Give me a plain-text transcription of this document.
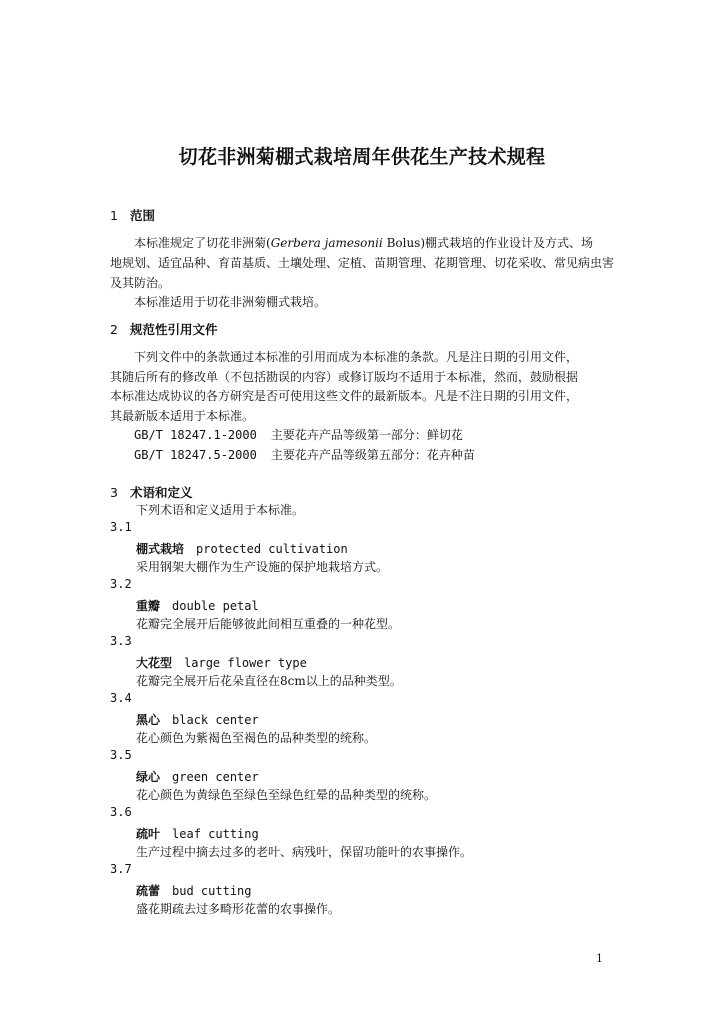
切花非洲菊棚式栽培周年供花生产技术规程
1 范围
本标准规定了切花非洲菊(Gerbera jamesonii Bolus)棚式栽培的作业设计及方式、场
地规划、适宜品种、育苗基质、土壤处理、定植、苗期管理、花期管理、切花采收、常见病虫害
及其防治。
本标准适用于切花非洲菊棚式栽培。
2 规范性引用文件
下列文件中的条款通过本标准的引用而成为本标准的条款。凡是注日期的引用文件，
其随后所有的修改单（不包括勘误的内容）或修订版均不适用于本标准，然而，鼓励根据
本标准达成协议的各方研究是否可使用这些文件的最新版本。凡是不注日期的引用文件，
其最新版本适用于本标准。
GB/T 18247.1-2000 主要花卉产品等级第一部分：鲜切花
GB/T 18247.5-2000 主要花卉产品等级第五部分：花卉种苗
3 术语和定义
下列术语和定义适用于本标准。
3.1
棚式栽培 protected cultivation
采用钢架大棚作为生产设施的保护地栽培方式。
3.2
重瓣 double petal
花瓣完全展开后能够彼此间相互重叠的一种花型。
3.3
大花型 large flower type
花瓣完全展开后花朵直径在8cm以上的品种类型。
3.4
黑心 black center
花心颜色为紫褐色至褐色的品种类型的统称。
3.5
绿心 green center
花心颜色为黄绿色至绿色至绿色红晕的品种类型的统称。
3.6
疏叶 leaf cutting
生产过程中摘去过多的老叶、病残叶，保留功能叶的农事操作。
3.7
疏蕾 bud cutting
盛花期疏去过多畸形花蕾的农事操作。
1
